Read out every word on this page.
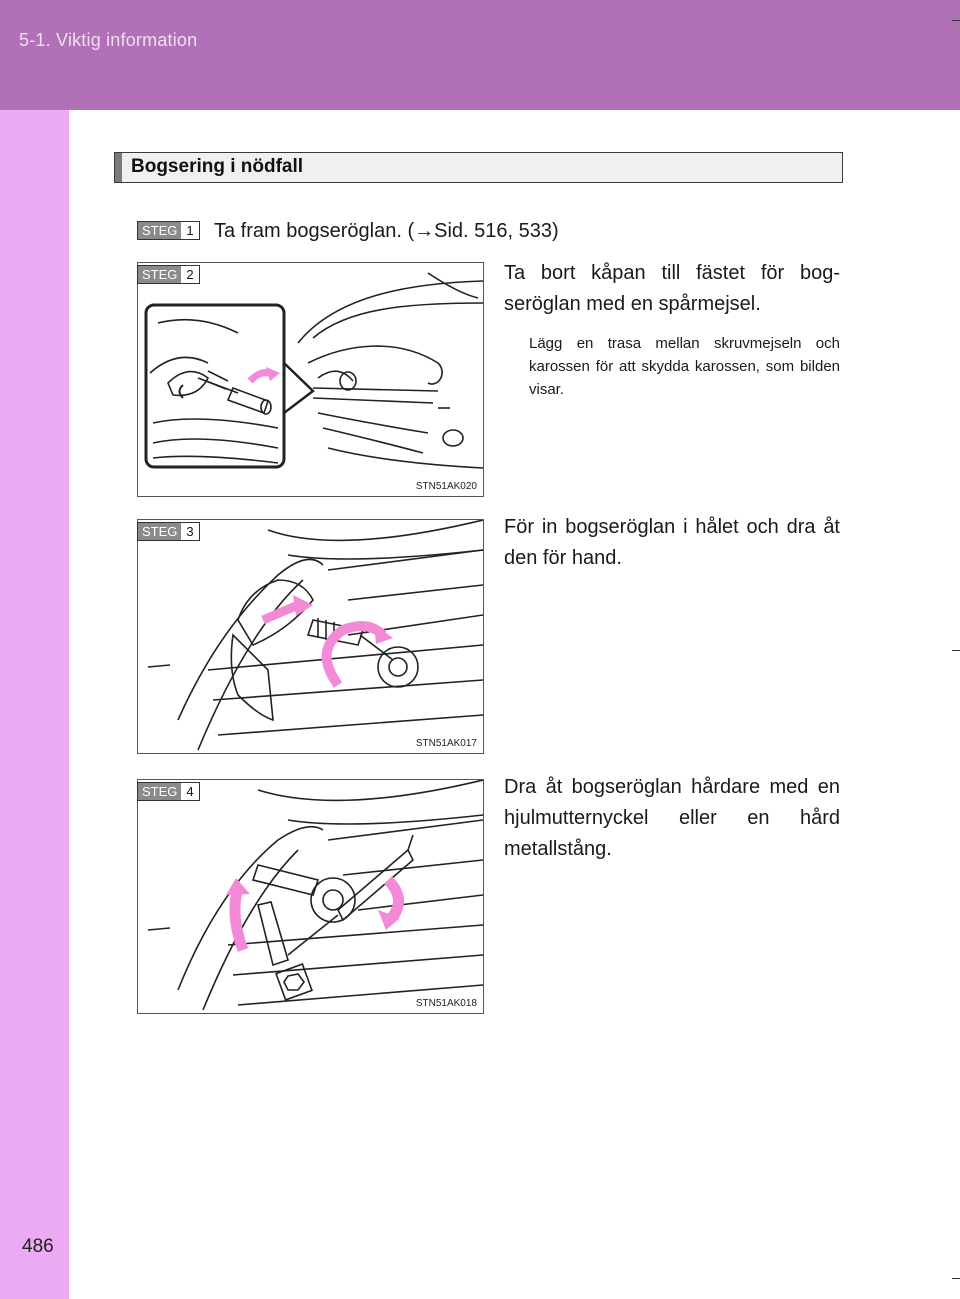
5-1. Viktig information
Bogsering i nödfall
STEG 1 Ta fram bogseröglan. (→Sid. 516, 533)
STN51AK020
STEG 2	Ta bort kåpan till fästet för bogseröglan med en spårmejsel.
Lägg en trasa mellan skruvmejseln och karossen för att skydda karossen, som bilden visar.
STN51AK017
STEG 3	För in bogseröglan i hålet och dra åt den för hand.
STN51AK018
STEG 4	Dra åt bogseröglan hårdare med en hjulmutternyckel eller en hård metallstång.
486
